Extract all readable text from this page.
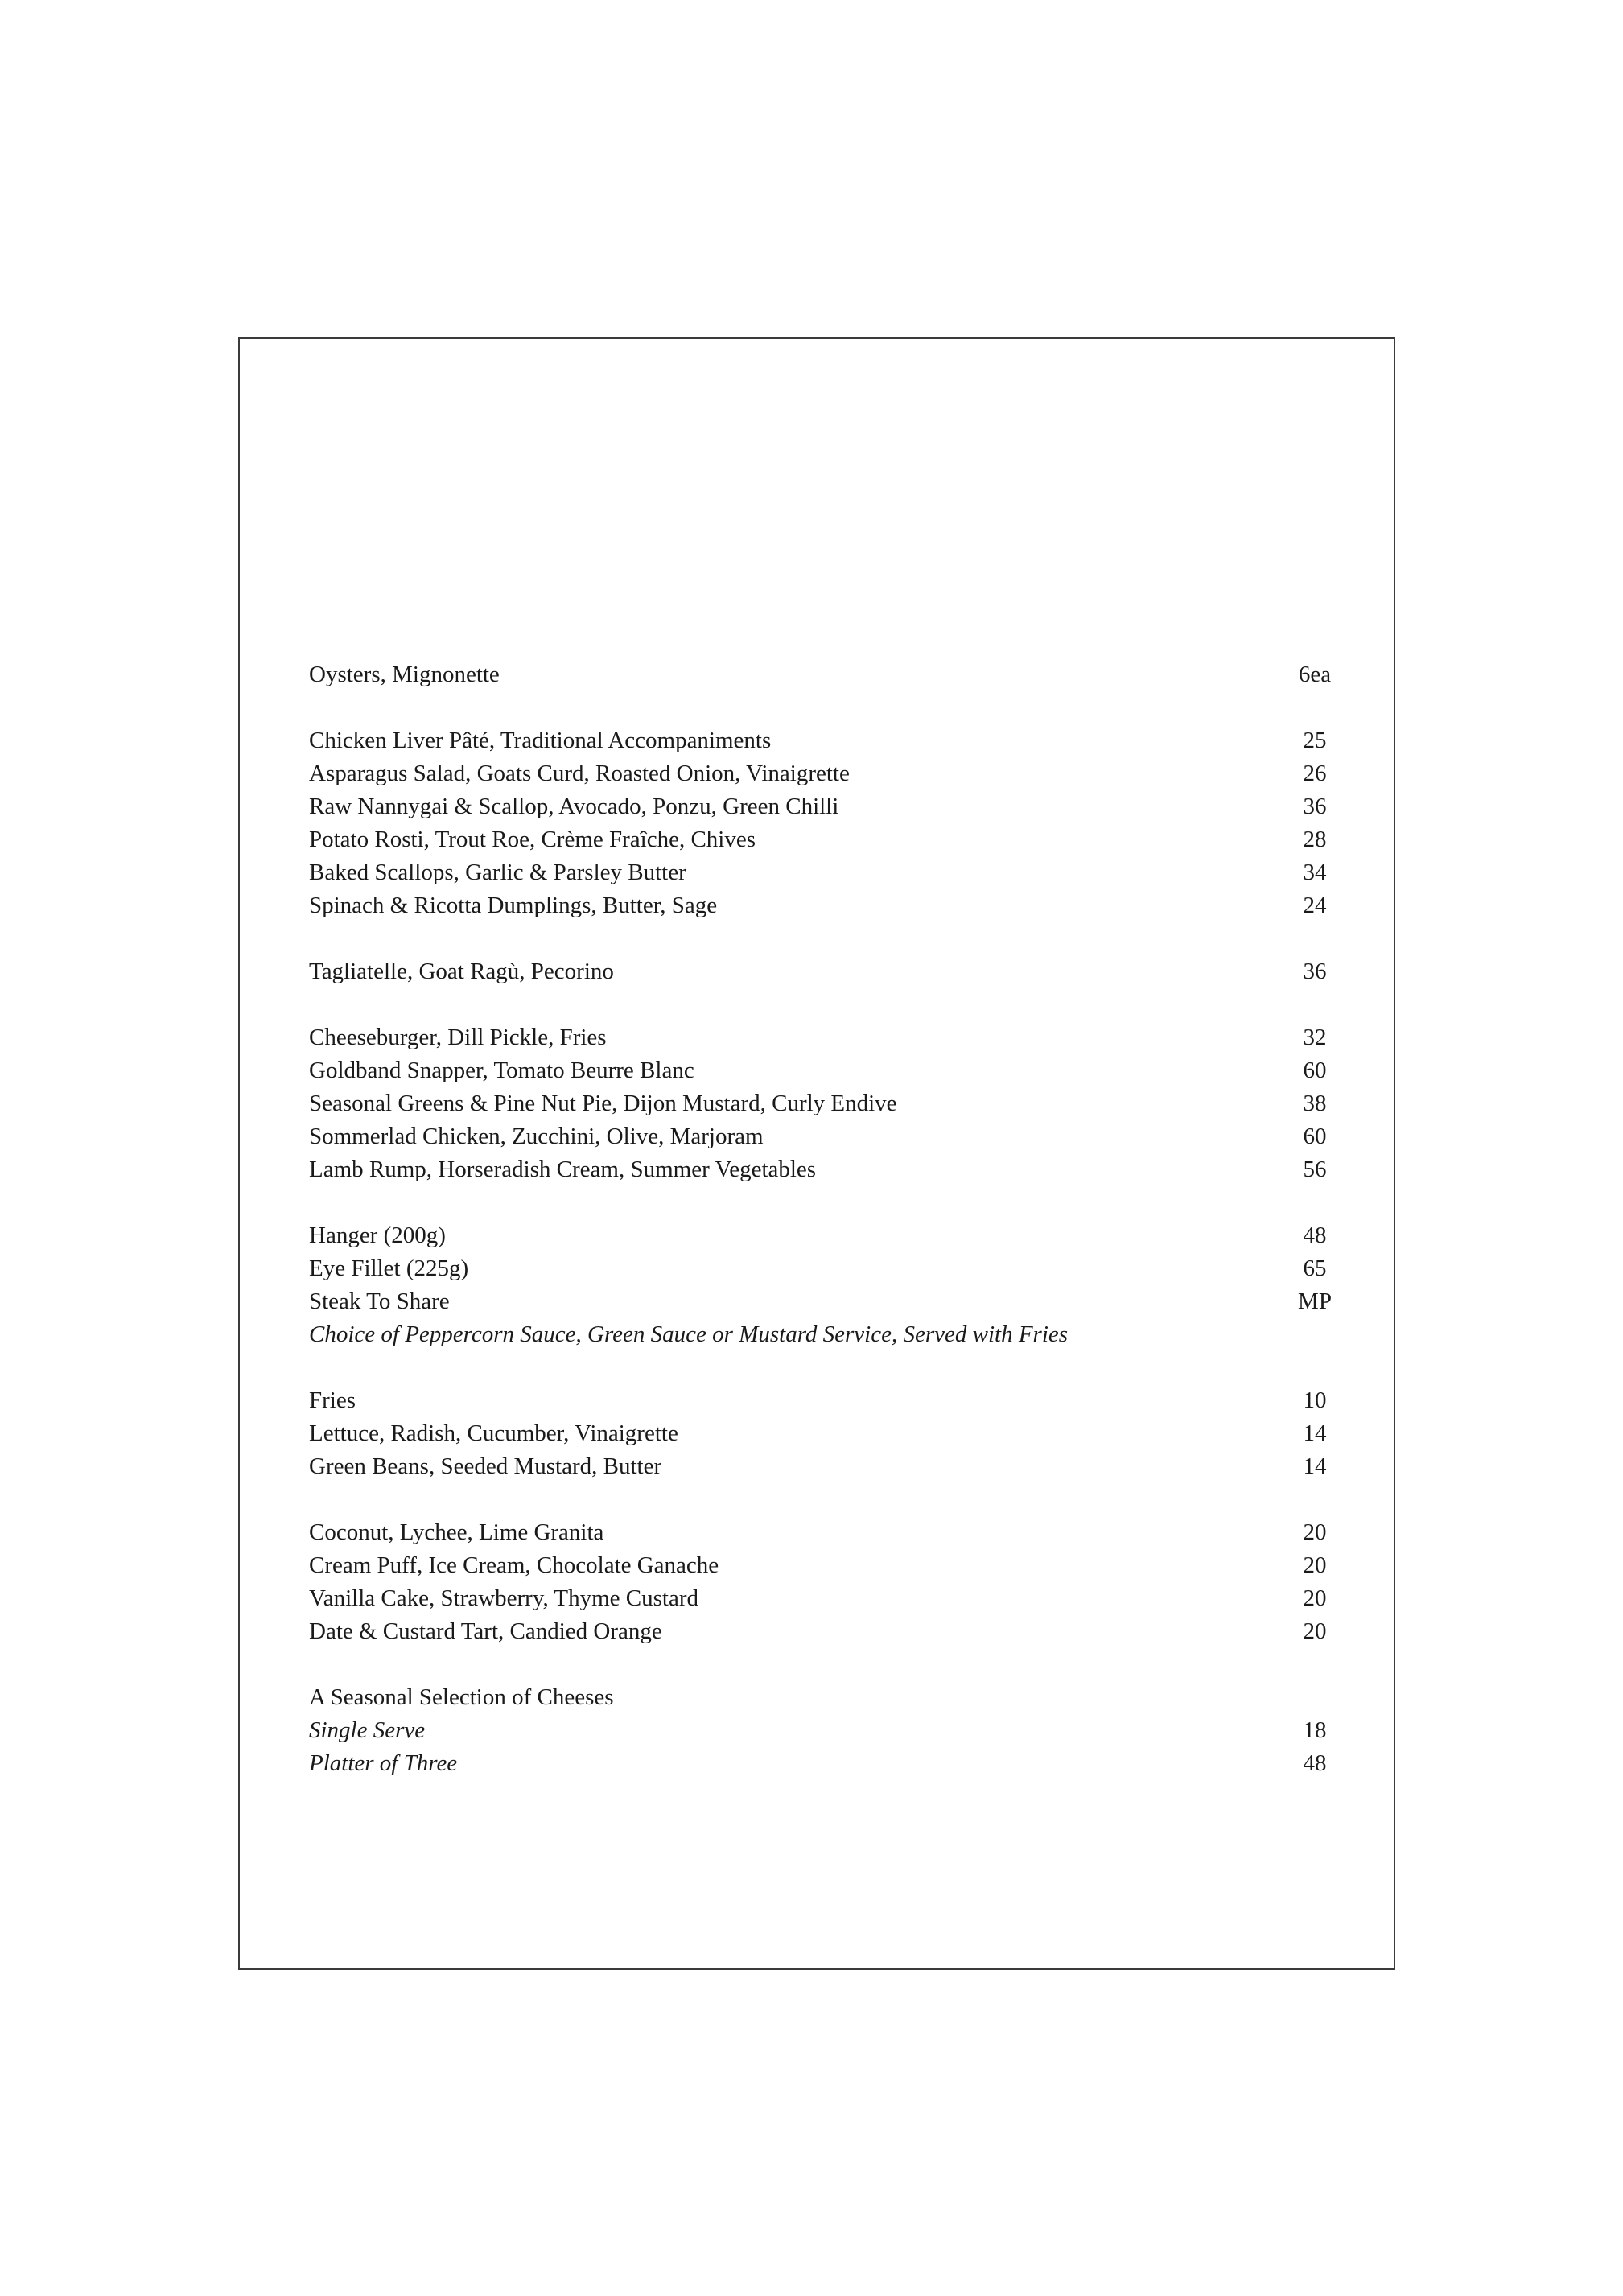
Oysters, Mignonette	6ea
Chicken Liver Pâté, Traditional Accompaniments	25
Asparagus Salad, Goats Curd, Roasted Onion, Vinaigrette	26
Raw Nannygai & Scallop, Avocado, Ponzu, Green Chilli	36
Potato Rosti, Trout Roe, Crème Fraîche, Chives	28
Baked Scallops, Garlic & Parsley Butter	34
Spinach & Ricotta Dumplings, Butter, Sage	24
Tagliatelle, Goat Ragù, Pecorino	36
Cheeseburger, Dill Pickle, Fries	32
Goldband Snapper, Tomato Beurre Blanc	60
Seasonal Greens & Pine Nut Pie, Dijon Mustard, Curly Endive	38
Sommerlad Chicken, Zucchini, Olive, Marjoram	60
Lamb Rump, Horseradish Cream, Summer Vegetables	56
Hanger (200g)	48
Eye Fillet (225g)	65
Steak To Share	MP
Choice of Peppercorn Sauce, Green Sauce or Mustard Service, Served with Fries
Fries	10
Lettuce, Radish, Cucumber, Vinaigrette	14
Green Beans, Seeded Mustard, Butter	14
Coconut, Lychee, Lime Granita	20
Cream Puff, Ice Cream, Chocolate Ganache	20
Vanilla Cake, Strawberry, Thyme Custard	20
Date & Custard Tart, Candied Orange	20
A Seasonal Selection of Cheeses
Single Serve	18
Platter of Three	48
